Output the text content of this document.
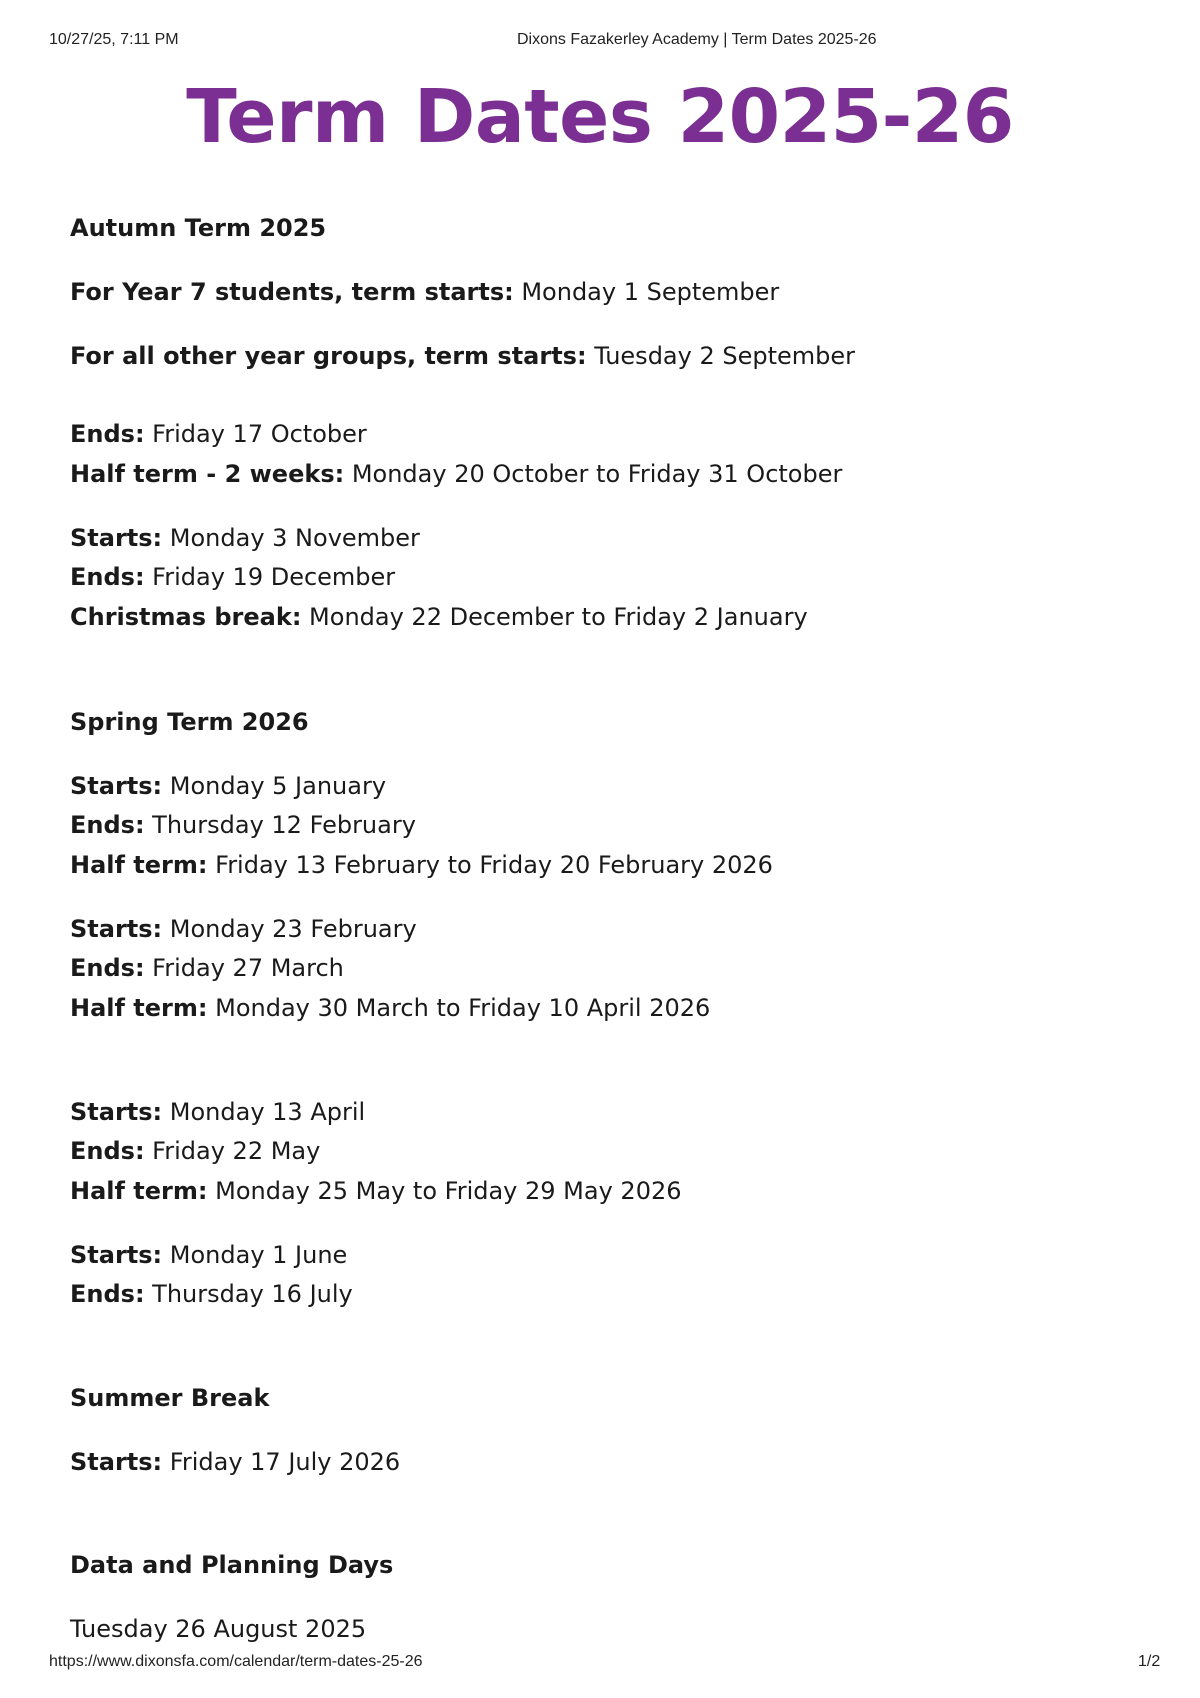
10/27/25, 7:11 PM	Dixons Fazakerley Academy | Term Dates 2025-26
Term Dates 2025-26

Autumn Term 2025

For Year 7 students, term starts: Monday 1 September

For all other year groups, term starts: Tuesday 2 September

Ends: Friday 17 October

Half term - 2 weeks: Monday 20 October to Friday 31 October

Starts: Monday 3 November

Ends: Friday 19 December

Christmas break: Monday 22 December to Friday 2 January

Spring Term 2026

Starts: Monday 5 January

Ends: Thursday 12 February

Half term: Friday 13 February to Friday 20 February 2026

Starts: Monday 23 February

Ends: Friday 27 March

Half term: Monday 30 March to Friday 10 April 2026

Starts: Monday 13 April

Ends: Friday 22 May

Half term: Monday 25 May to Friday 29 May 2026

Starts: Monday 1 June

Ends: Thursday 16 July

Summer Break

Starts: Friday 17 July 2026

Data and Planning Days

Tuesday 26 August 2025

https://www.dixonsfa.com/calendar/term-dates-25-26	1/2
